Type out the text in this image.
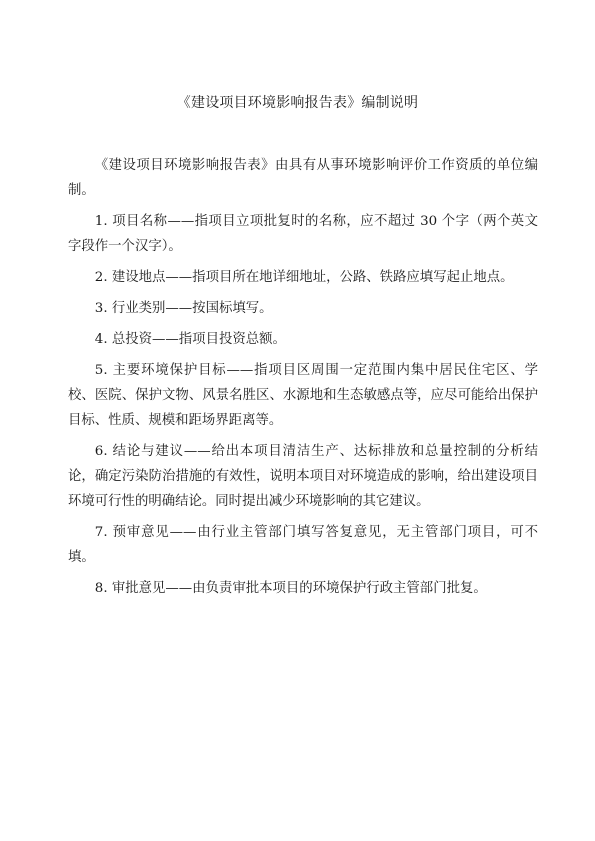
《建设项目环境影响报告表》编制说明

《建设项目环境影响报告表》由具有从事环境影响评价工作资质的单位编制。

1. 项目名称——指项目立项批复时的名称，应不超过 30 个字（两个英文字段作一个汉字）。

2. 建设地点——指项目所在地详细地址，公路、铁路应填写起止地点。

3. 行业类别——按国标填写。

4. 总投资——指项目投资总额。

5. 主要环境保护目标——指项目区周围一定范围内集中居民住宅区、学校、医院、保护文物、风景名胜区、水源地和生态敏感点等，应尽可能给出保护目标、性质、规模和距场界距离等。

6. 结论与建议——给出本项目清洁生产、达标排放和总量控制的分析结论，确定污染防治措施的有效性，说明本项目对环境造成的影响，给出建设项目环境可行性的明确结论。同时提出减少环境影响的其它建议。

7. 预审意见——由行业主管部门填写答复意见，无主管部门项目，可不填。

8. 审批意见——由负责审批本项目的环境保护行政主管部门批复。
